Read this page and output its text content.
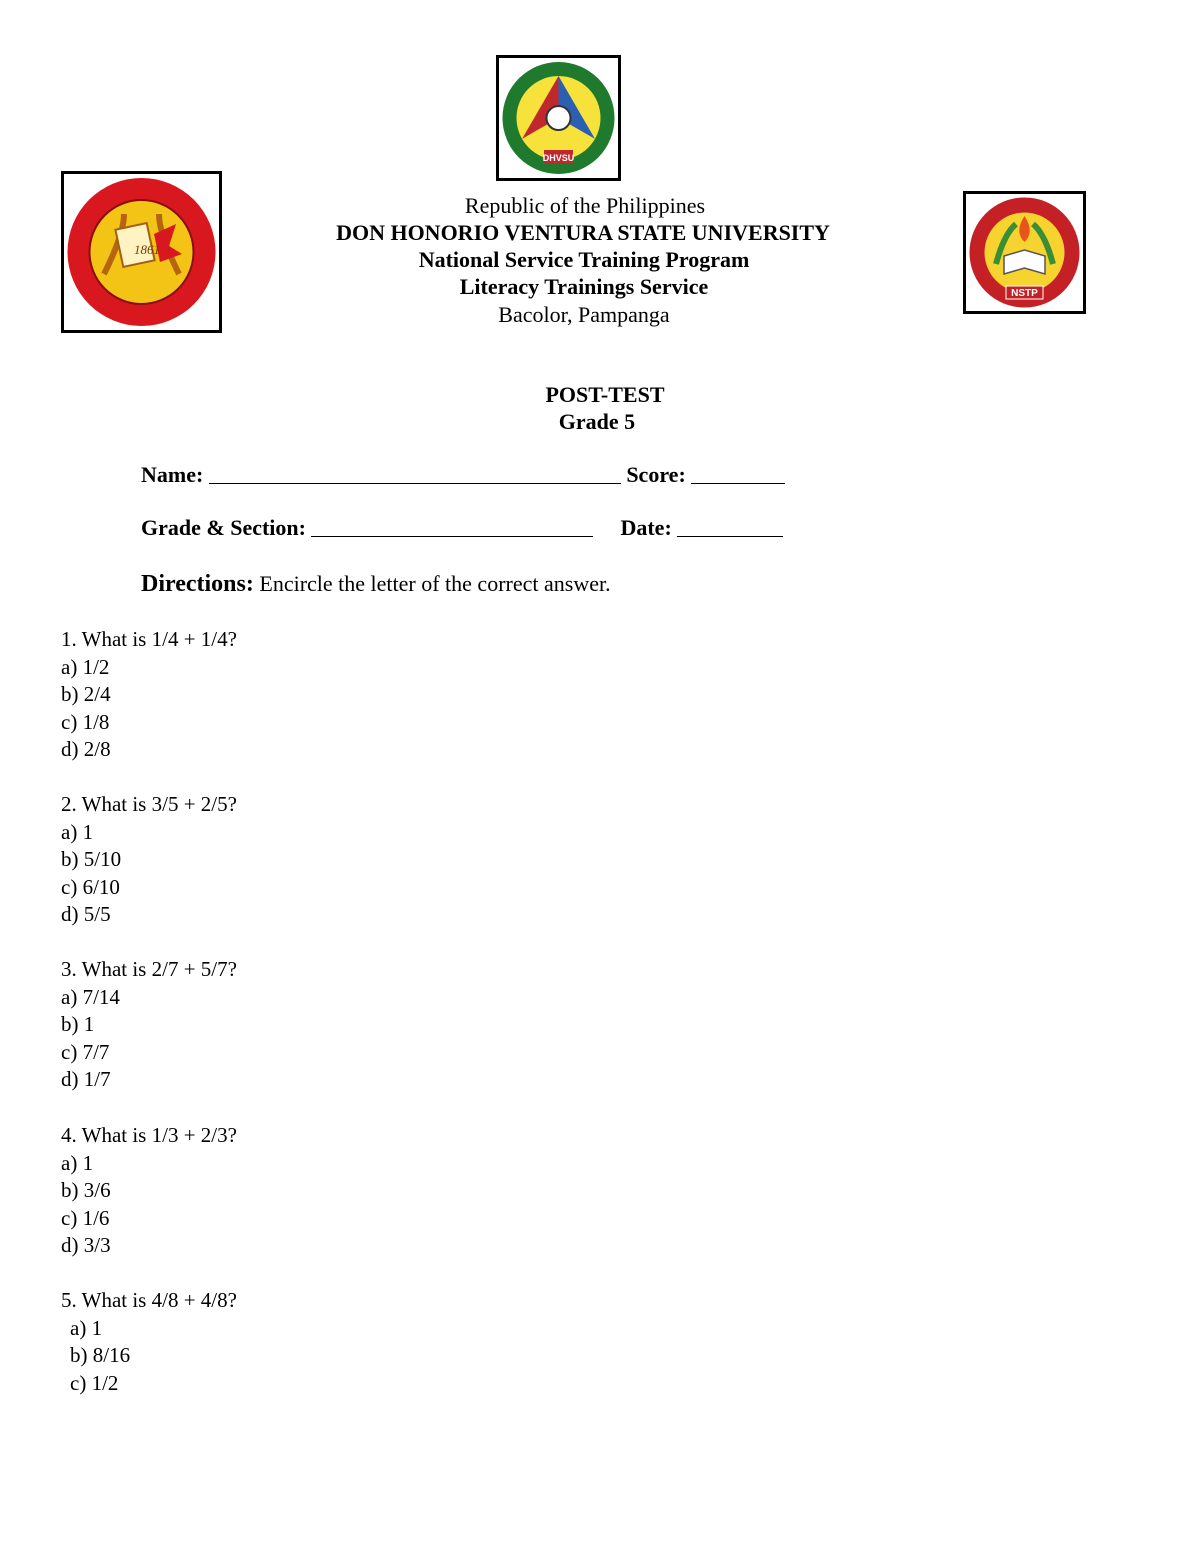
1861
DHVSU
NSTP
Republic of the Philippines
DON HONORIO VENTURA STATE UNIVERSITY
National Service Training Program
Literacy Trainings Service
Bacolor, Pampanga
POST-TEST
Grade 5
Name:	Score:
Grade & Section:	Date:
Directions: Encircle the letter of the correct answer.
1. What is 1/4 + 1/4?
a) 1/2
b) 2/4
c) 1/8
d) 2/8
2. What is 3/5 + 2/5?
a) 1
b) 5/10
c) 6/10
d) 5/5
3. What is 2/7 + 5/7?
a) 7/14
b) 1
c) 7/7
d) 1/7
4. What is 1/3 + 2/3?
a) 1
b) 3/6
c) 1/6
d) 3/3
5. What is 4/8 + 4/8?
a) 1
b) 8/16
c) 1/2
